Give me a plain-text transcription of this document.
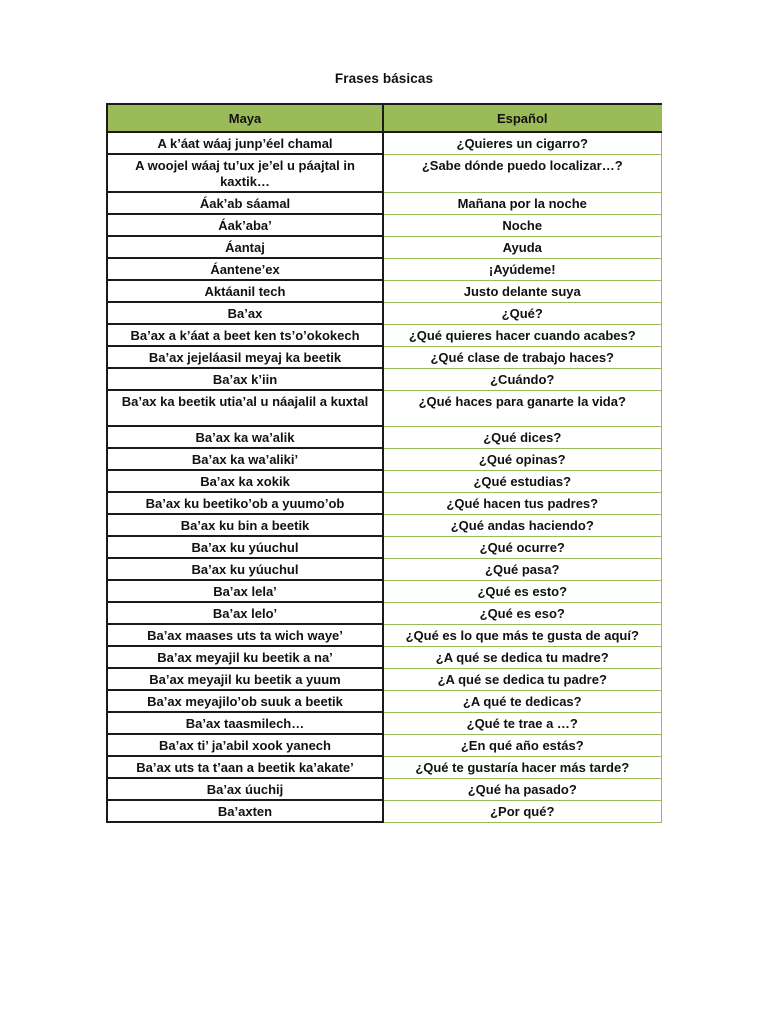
Frases básicas
Maya	Español
A k’áat wáaj junp’éel chamal	¿Quieres un cigarro?
A woojel wáaj tu’ux je’el u páajtal in kaxtik…	¿Sabe dónde puedo localizar…?
Áak’ab sáamal	Mañana por la noche
Áak’aba’	Noche
Áantaj	Ayuda
Áantene’ex	¡Ayúdeme!
Aktáanil tech	Justo delante suya
Ba’ax	¿Qué?
Ba’ax a k’áat a beet ken ts’o’okokech	¿Qué quieres hacer cuando acabes?
Ba’ax jejeláasil meyaj ka beetik	¿Qué clase de trabajo haces?
Ba’ax k’iin	¿Cuándo?
Ba’ax ka beetik utia’al u náajalil a kuxtal	¿Qué haces para ganarte la vida?
Ba’ax ka wa’alik	¿Qué dices?
Ba’ax ka wa’aliki’	¿Qué opinas?
Ba’ax ka xokik	¿Qué estudias?
Ba’ax ku beetiko’ob a yuumo’ob	¿Qué hacen tus padres?
Ba’ax ku bin a beetik	¿Qué andas haciendo?
Ba’ax ku yúuchul	¿Qué ocurre?
Ba’ax ku yúuchul	¿Qué pasa?
Ba’ax lela’	¿Qué es esto?
Ba’ax lelo’	¿Qué es eso?
Ba’ax maases uts ta wich waye’	¿Qué es lo que más te gusta de aquí?
Ba’ax meyajil ku beetik a na’	¿A qué se dedica tu madre?
Ba’ax meyajil ku beetik a yuum	¿A qué se dedica tu padre?
Ba’ax meyajilo’ob suuk a beetik	¿A qué te dedicas?
Ba’ax taasmilech…	¿Qué te trae a …?
Ba’ax ti’ ja’abil xook yanech	¿En qué año estás?
Ba’ax uts ta t’aan a beetik ka’akate’	¿Qué te gustaría hacer más tarde?
Ba’ax úuchij	¿Qué ha pasado?
Ba’axten	¿Por qué?
